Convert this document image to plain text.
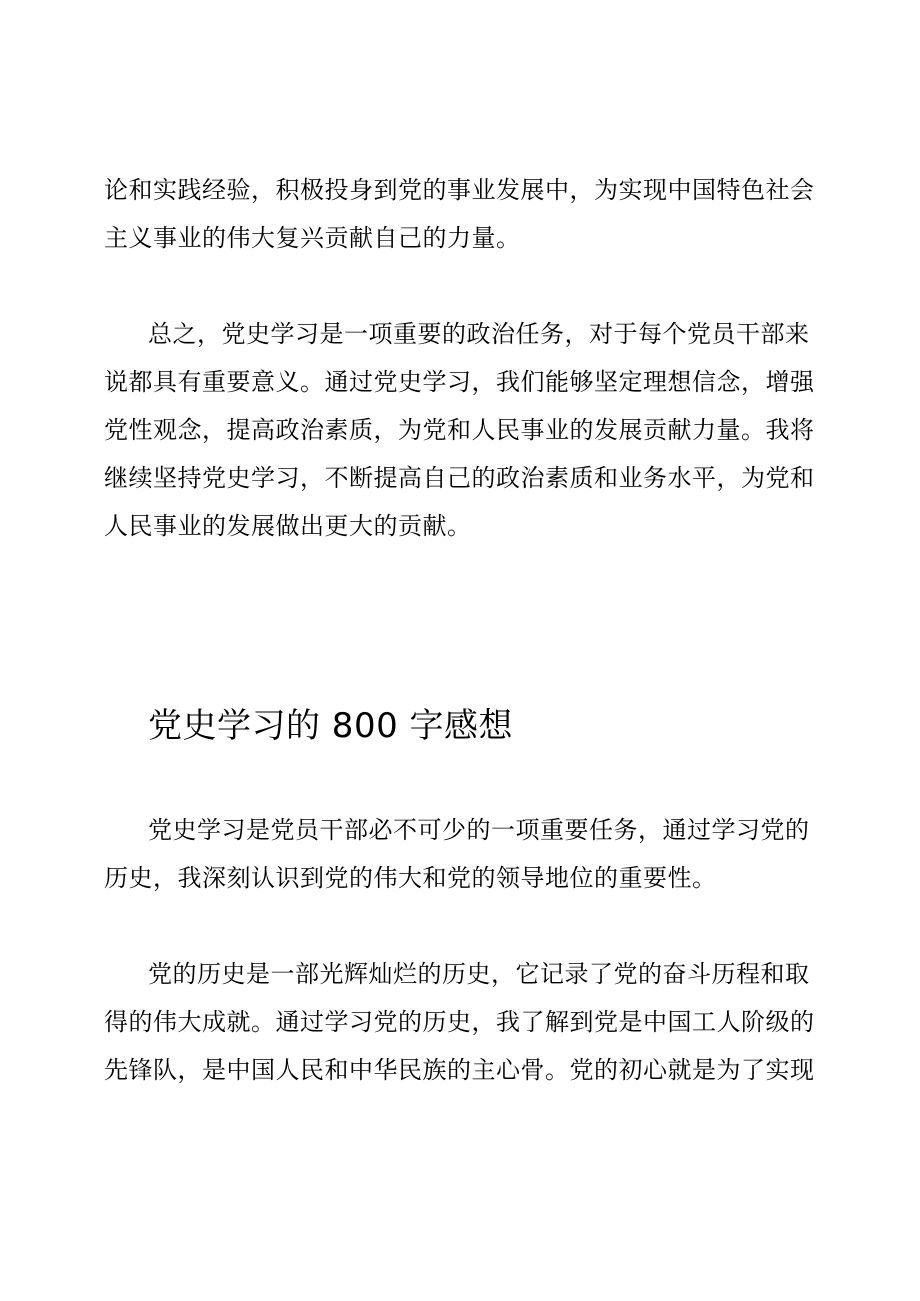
论和实践经验，积极投身到党的事业发展中，为实现中国特色社会主义事业的伟大复兴贡献自己的力量。

总之，党史学习是一项重要的政治任务，对于每个党员干部来说都具有重要意义。通过党史学习，我们能够坚定理想信念，增强党性观念，提高政治素质，为党和人民事业的发展贡献力量。我将继续坚持党史学习，不断提高自己的政治素质和业务水平，为党和人民事业的发展做出更大的贡献。

党史学习的 800 字感想

党史学习是党员干部必不可少的一项重要任务，通过学习党的历史，我深刻认识到党的伟大和党的领导地位的重要性。

党的历史是一部光辉灿烂的历史，它记录了党的奋斗历程和取得的伟大成就。通过学习党的历史，我了解到党是中国工人阶级的先锋队，是中国人民和中华民族的主心骨。党的初心就是为了实现
